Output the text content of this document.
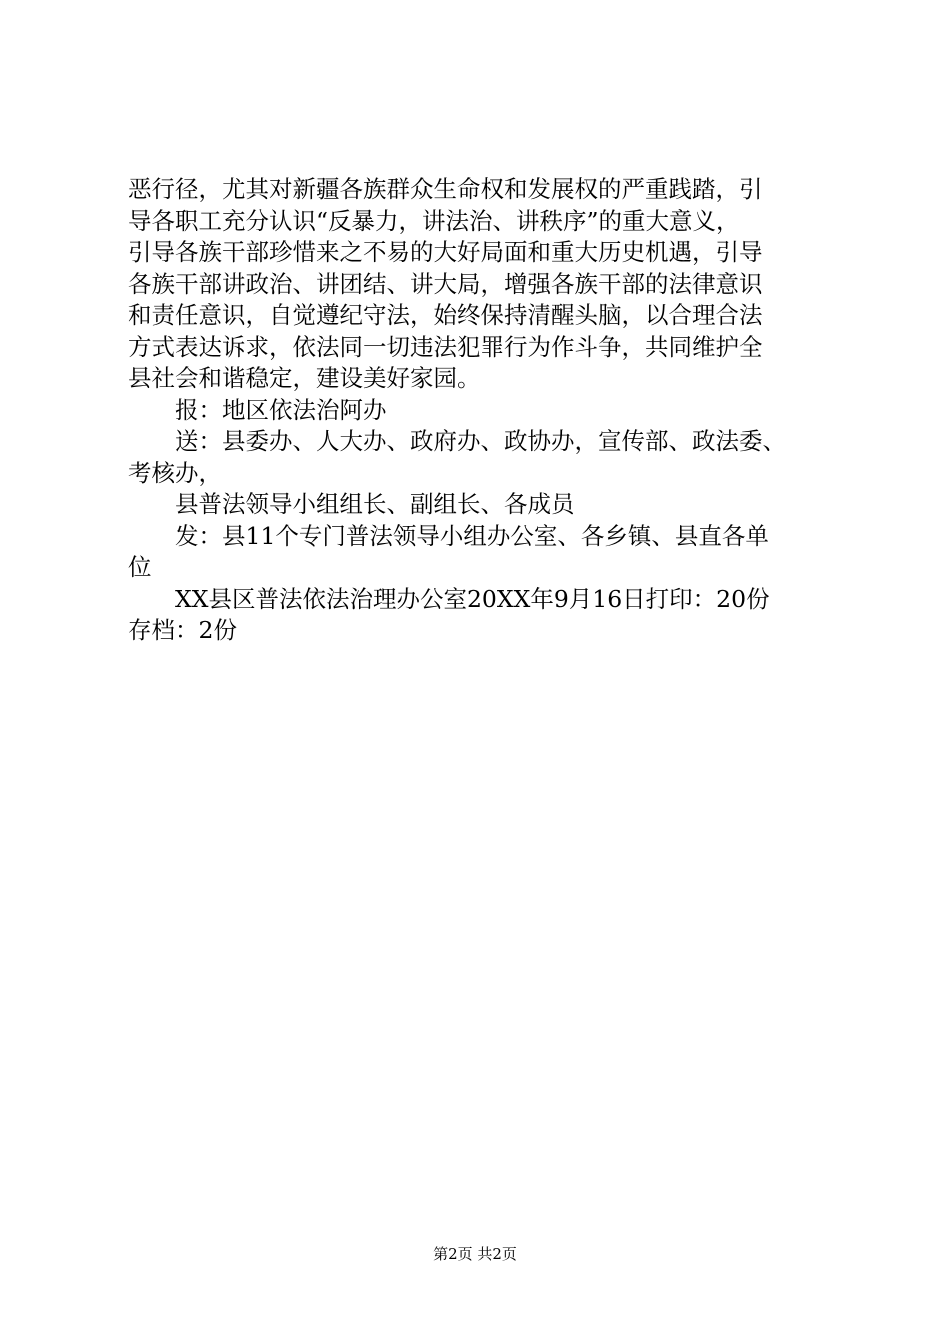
恶行径，尤其对新疆各族群众生命权和发展权的严重践踏，引
导各职工充分认识“反暴力，讲法治、讲秩序”的重大意义，
引导各族干部珍惜来之不易的大好局面和重大历史机遇，引导
各族干部讲政治、讲团结、讲大局，增强各族干部的法律意识
和责任意识，自觉遵纪守法，始终保持清醒头脑，以合理合法
方式表达诉求，依法同一切违法犯罪行为作斗争，共同维护全
县社会和谐稳定，建设美好家园。
报：地区依法治阿办
送：县委办、人大办、政府办、政协办，宣传部、政法委、
考核办，
县普法领导小组组长、副组长、各成员
发：县11个专门普法领导小组办公室、各乡镇、县直各单
位
XX县区普法依法治理办公室20XX年9月16日打印：20份
存档：2份
第2页 共2页
